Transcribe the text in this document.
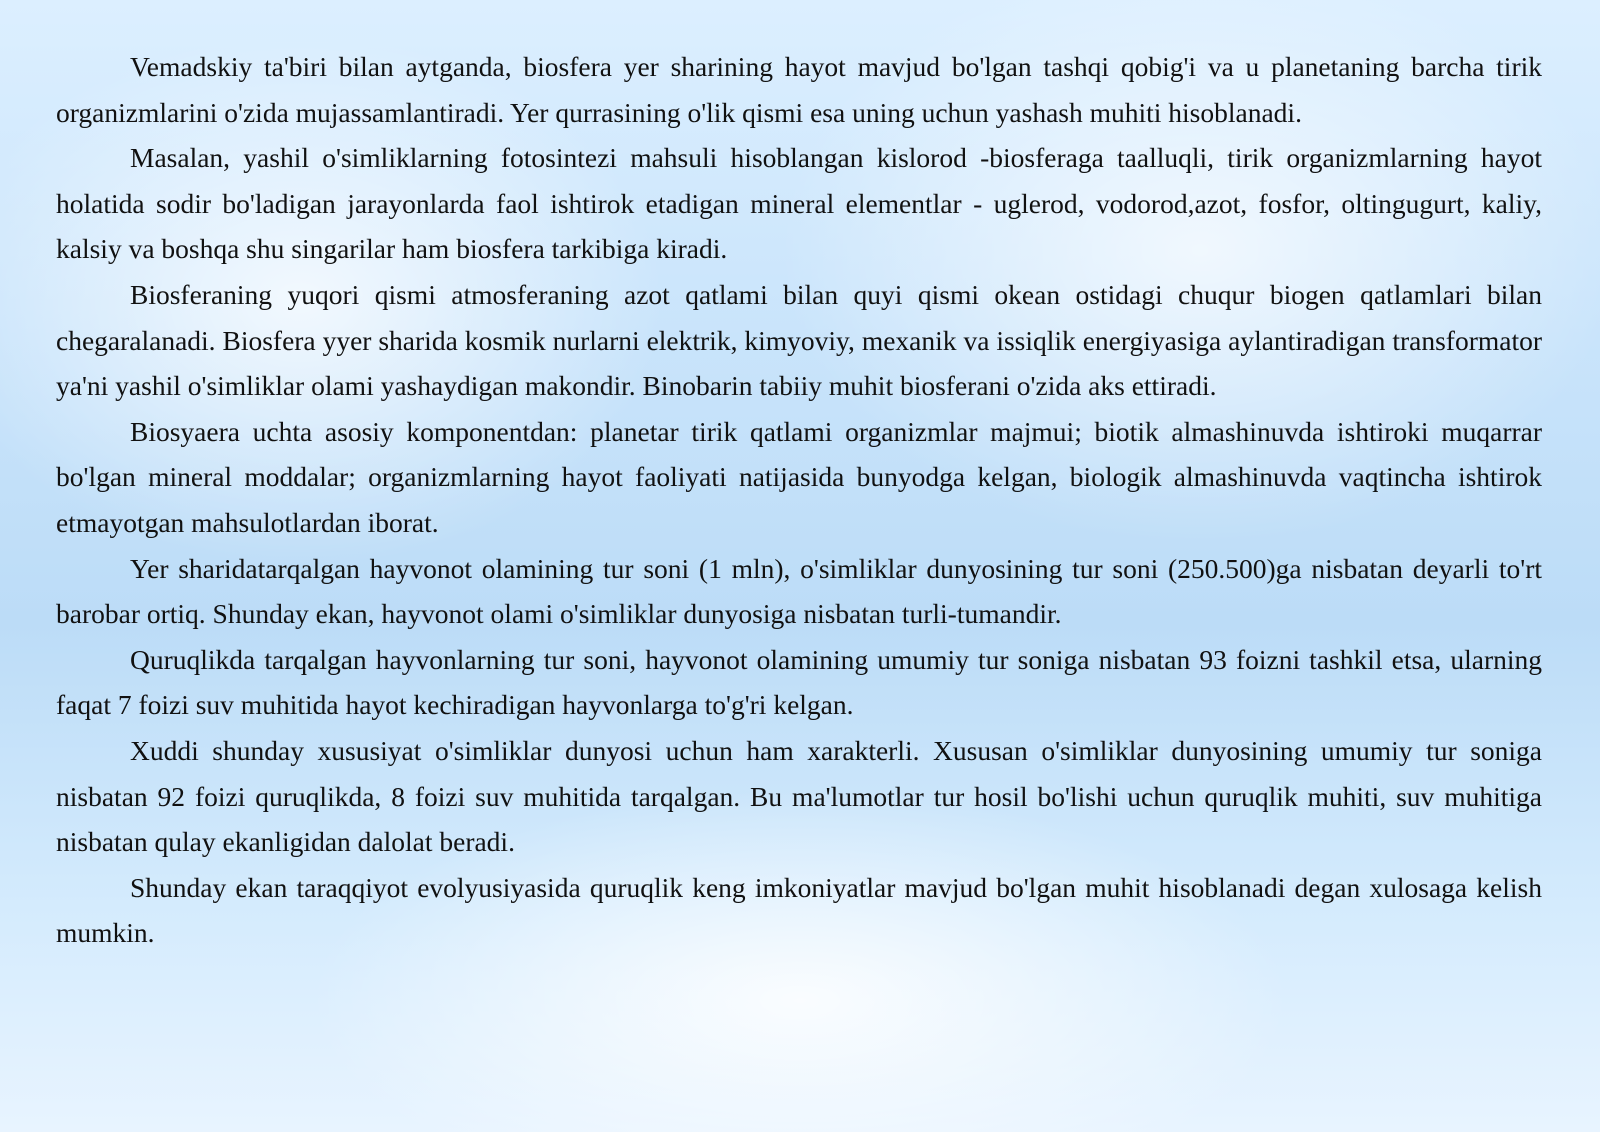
Vemadskiy ta'biri bilan aytganda, biosfera yer sharining hayot mavjud bo'lgan tashqi qobig'i va u planetaning barcha tirik organizmlarini o'zida mujassamlantiradi. Yer qurrasining o'lik qismi esa uning uchun yashash muhiti hisoblanadi.

Masalan, yashil o'simliklarning fotosintezi mahsuli hisoblangan kislorod -biosferaga taalluqli, tirik organizmlarning hayot holatida sodir bo'ladigan jarayonlarda faol ishtirok etadigan mineral elementlar - uglerod, vodorod,azot, fosfor, oltingugurt, kaliy, kalsiy va boshqa shu singarilar ham biosfera tarkibiga kiradi.

Biosferaning yuqori qismi atmosferaning azot qatlami bilan quyi qismi okean ostidagi chuqur biogen qatlamlari bilan chegaralanadi. Biosfera yyer sharida kosmik nurlarni elektrik, kimyoviy, mexanik va issiqlik energiyasiga aylantiradigan transformator ya'ni yashil o'simliklar olami yashaydigan makondir. Binobarin tabiiy muhit biosferani o'zida aks ettiradi.

Biosyaera uchta asosiy komponentdan: planetar tirik qatlami organizmlar majmui; biotik almashinuvda ishtiroki muqarrar bo'lgan mineral moddalar; organizmlarning hayot faoliyati natijasida bunyodga kelgan, biologik almashinuvda vaqtincha ishtirok etmayotgan mahsulotlardan iborat.

Yer sharidatarqalgan hayvonot olamining tur soni (1 mln), o'simliklar dunyosining tur soni (250.500)ga nisbatan deyarli to'rt barobar ortiq. Shunday ekan, hayvonot olami o'simliklar dunyosiga nisbatan turli-tumandir.

Quruqlikda tarqalgan hayvonlarning tur soni, hayvonot olamining umumiy tur soniga nisbatan 93 foizni tashkil etsa, ularning faqat 7 foizi suv muhitida hayot kechiradigan hayvonlarga to'g'ri kelgan.

Xuddi shunday xususiyat o'simliklar dunyosi uchun ham xarakterli. Xususan o'simliklar dunyosining umumiy tur soniga nisbatan 92 foizi quruqlikda, 8 foizi suv muhitida tarqalgan. Bu ma'lumotlar tur hosil bo'lishi uchun quruqlik muhiti, suv muhitiga nisbatan qulay ekanligidan dalolat beradi.

Shunday ekan taraqqiyot evolyusiyasida quruqlik keng imkoniyatlar mavjud bo'lgan muhit hisoblanadi degan xulosaga kelish mumkin.
